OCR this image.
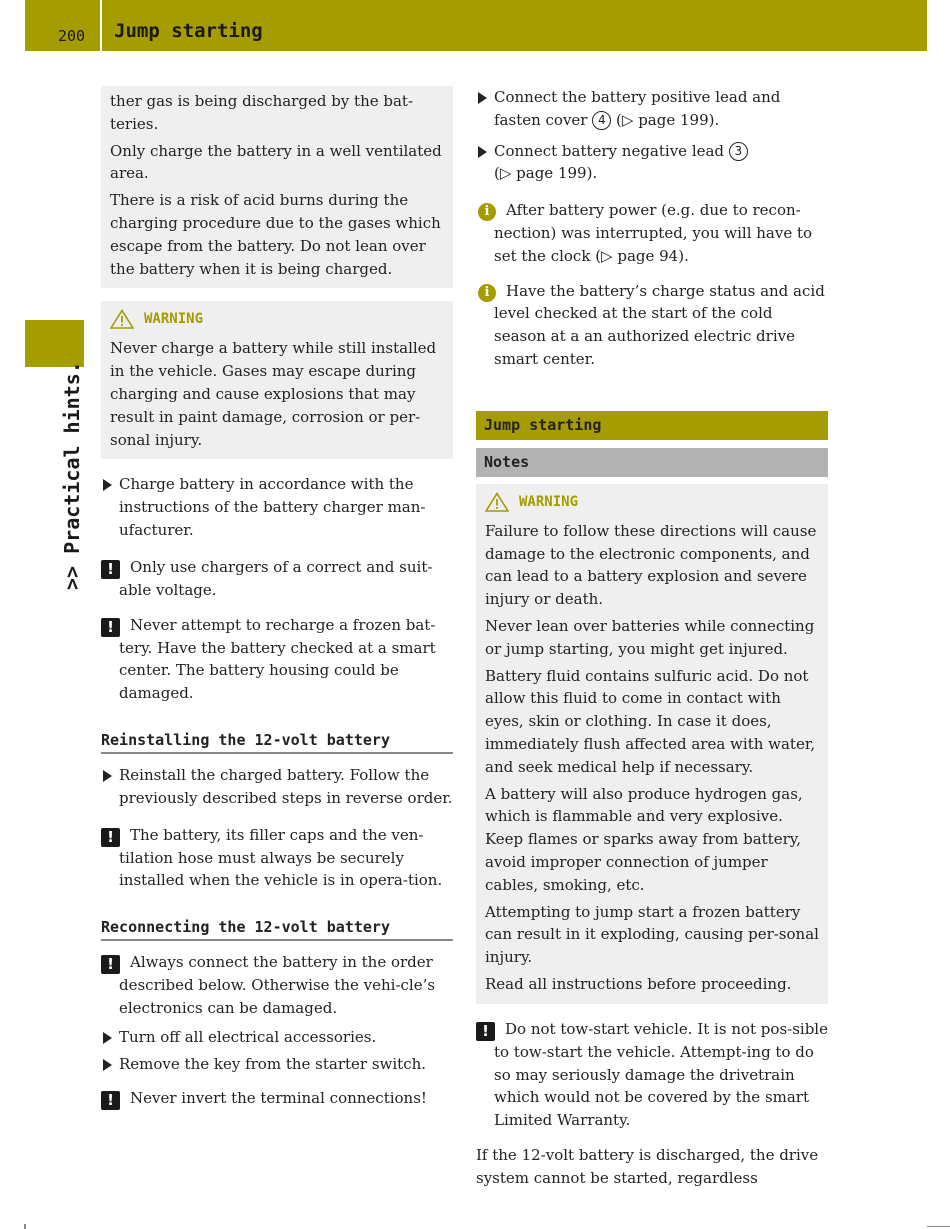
200 Jump starting
>> Practical hints.

ther gas is being discharged by the bat-teries.

Only charge the battery in a well ventilated area.

There is a risk of acid burns during the charging procedure due to the gases which escape from the battery. Do not lean over the battery when it is being charged.

WARNING

Never charge a battery while still installed in the vehicle. Gases may escape during charging and cause explosions that may result in paint damage, corrosion or per-sonal injury.

Charge battery in accordance with the instructions of the battery charger man-ufacturer.
! Only use chargers of a correct and suit-able voltage.
! Never attempt to recharge a frozen bat-tery. Have the battery checked at a smart center. The battery housing could be damaged.
Reinstalling the 12-volt battery
Reinstall the charged battery. Follow the previously described steps in reverse order.
! The battery, its filler caps and the ven-tilation hose must always be securely installed when the vehicle is in opera-tion.
Reconnecting the 12-volt battery
! Always connect the battery in the order described below. Otherwise the vehi-cle’s electronics can be damaged.
Turn off all electrical accessories.
Remove the key from the starter switch.
! Never invert the terminal connections!
Connect the battery positive lead and fasten cover 4 (▷ page 199).
Connect battery negative lead 3
(▷ page 199).
i After battery power (e.g. due to recon-nection) was interrupted, you will have to set the clock (▷ page 94).
i Have the battery’s charge status and acid level checked at the start of the cold season at a an authorized electric drive smart center.
Jump starting
Notes
WARNING

Failure to follow these directions will cause damage to the electronic components, and can lead to a battery explosion and severe injury or death.

Never lean over batteries while connecting or jump starting, you might get injured.

Battery fluid contains sulfuric acid. Do not allow this fluid to come in contact with eyes, skin or clothing. In case it does, immediately flush affected area with water, and seek medical help if necessary.

A battery will also produce hydrogen gas, which is flammable and very explosive. Keep flames or sparks away from battery, avoid improper connection of jumper cables, smoking, etc.

Attempting to jump start a frozen battery can result in it exploding, causing per-sonal injury.

Read all instructions before proceeding.

! Do not tow-start vehicle. It is not pos-sible to tow-start the vehicle. Attempt-ing to do so may seriously damage the drivetrain which would not be covered by the smart Limited Warranty.

If the 12-volt battery is discharged, the drive system cannot be started, regardless
